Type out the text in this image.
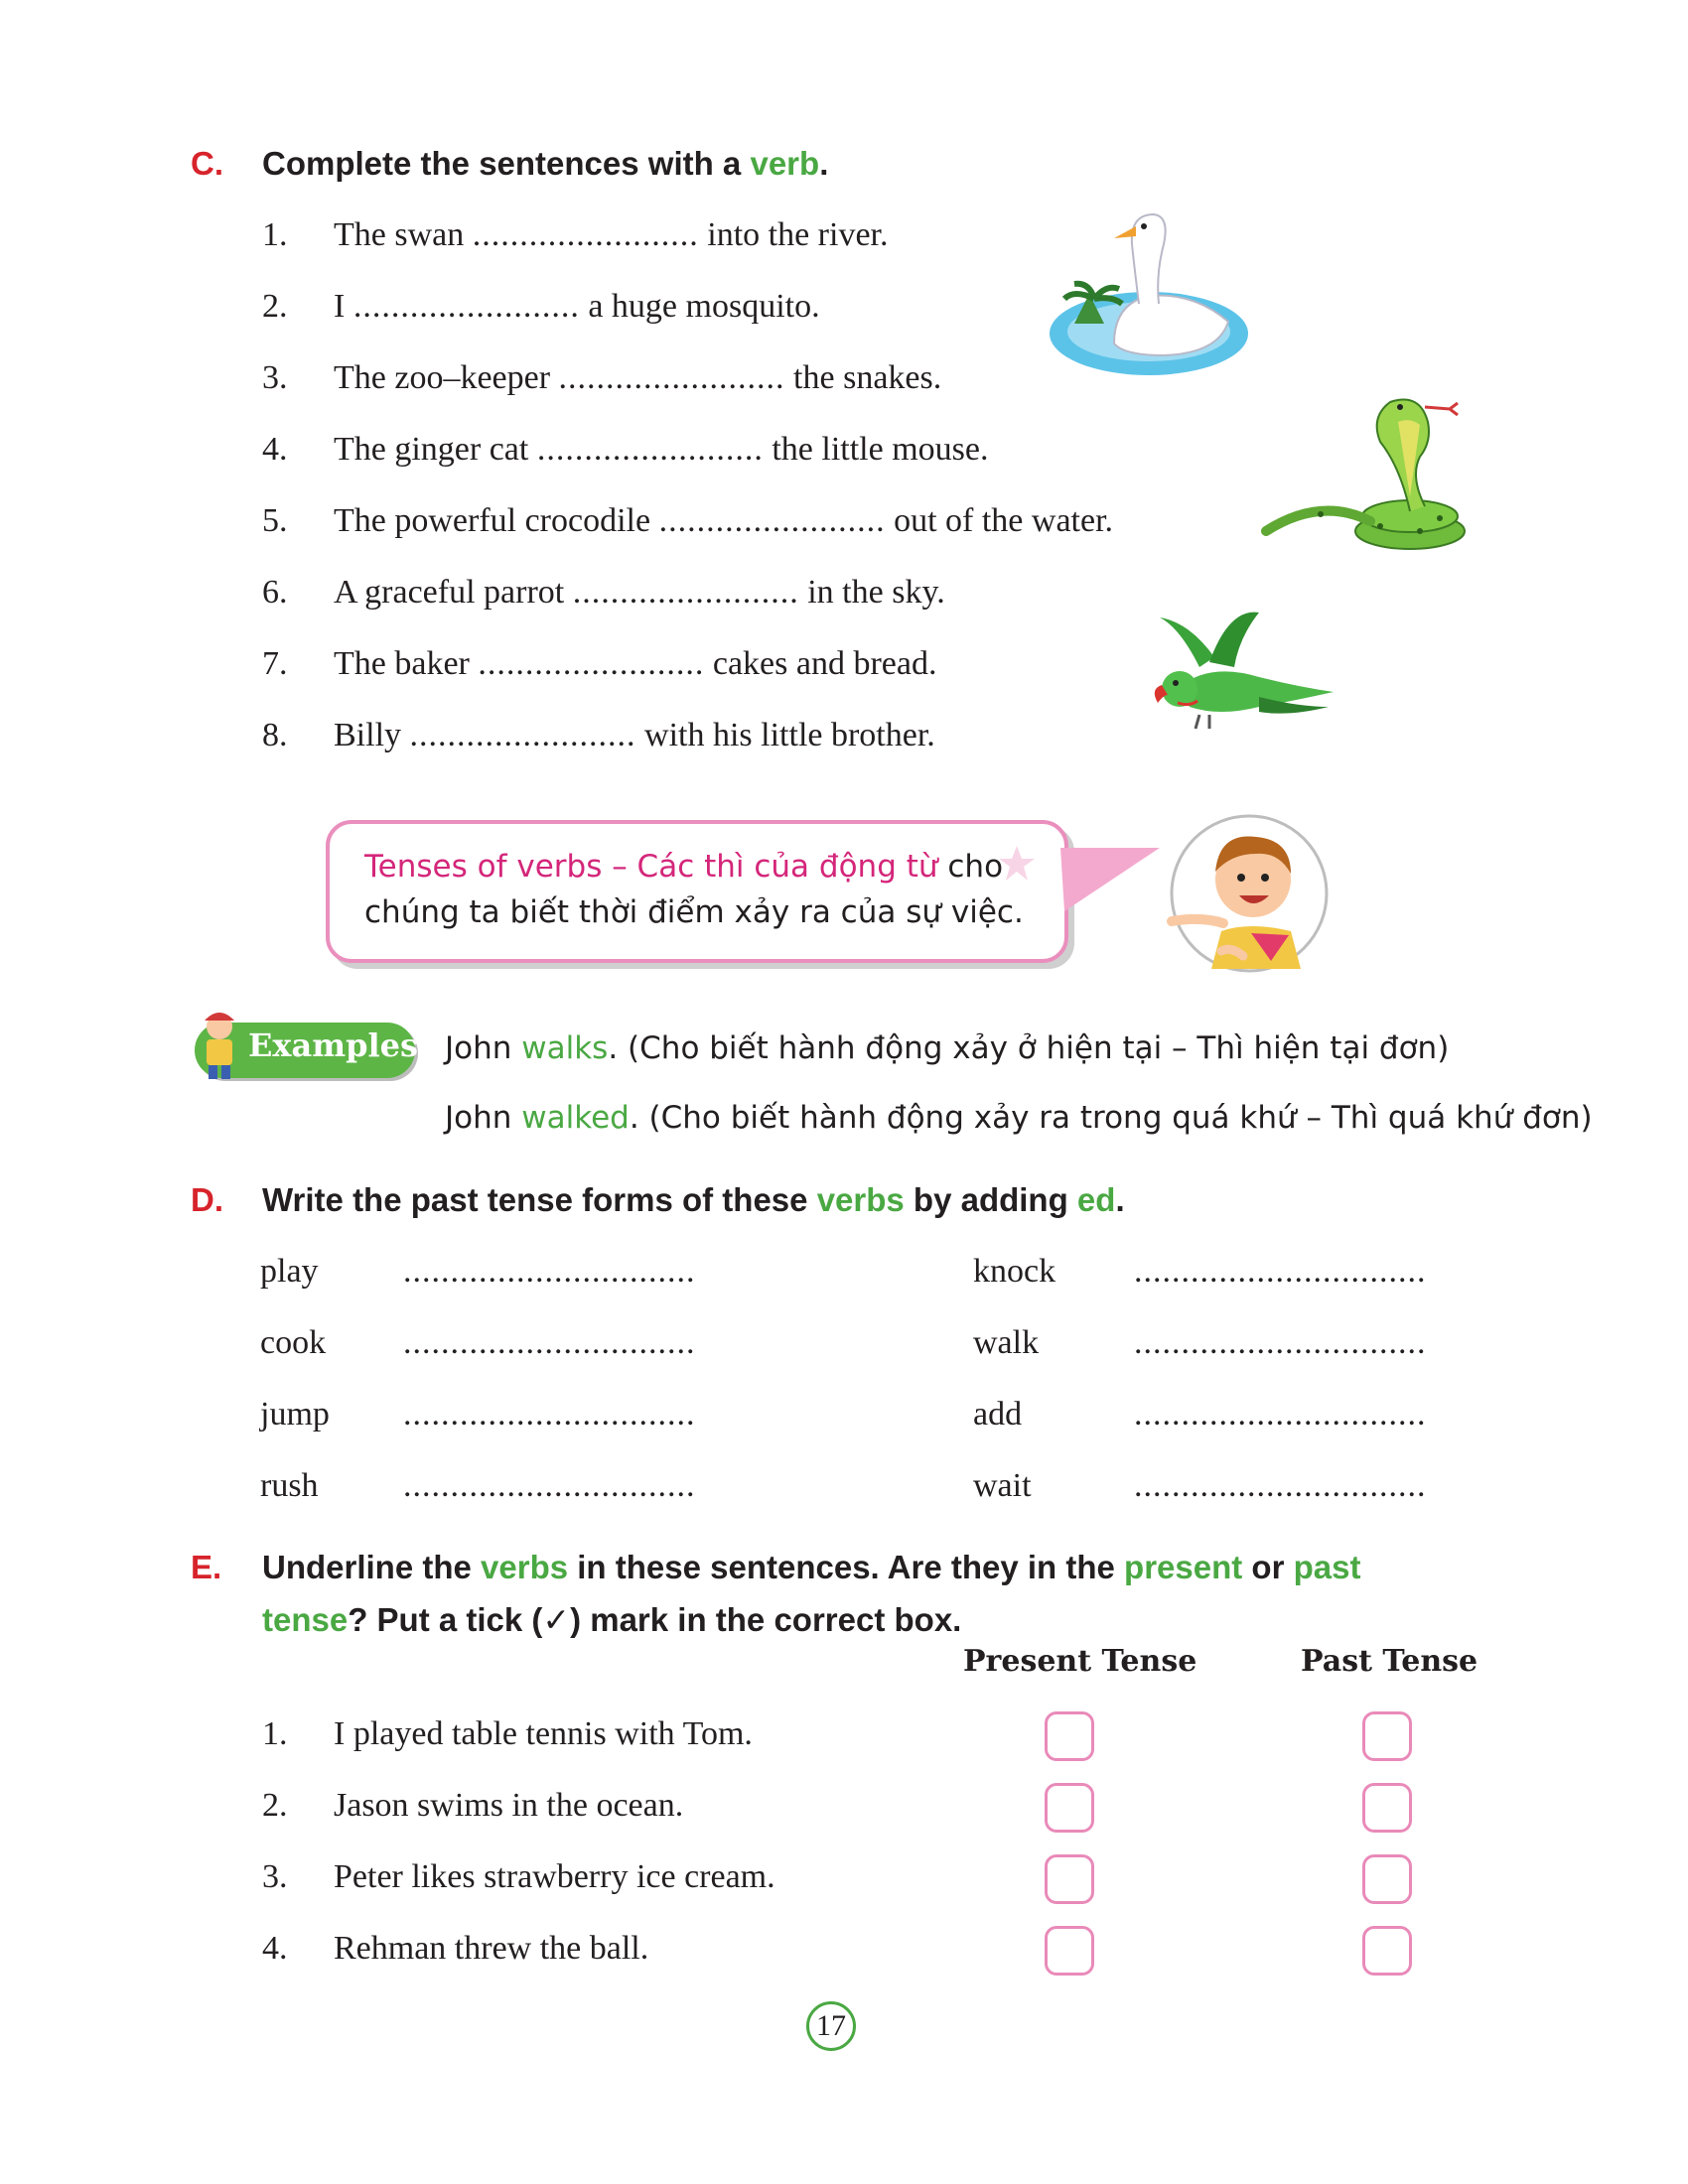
C. Complete the sentences with a verb.
1. The swan ........................ into the river.
2. I ........................ a huge mosquito.
3. The zoo–keeper ........................ the snakes.
4. The ginger cat ........................ the little mouse.
5. The powerful crocodile ........................ out of the water.
6. A graceful parrot ........................ in the sky.
7. The baker ........................ cakes and bread.
8. Billy ........................ with his little brother.
Tenses of verbs – Các thì của động từ cho
chúng ta biết thời điểm xảy ra của sự việc.
Examples John walks. (Cho biết hành động xảy ở hiện tại – Thì hiện tại đơn)
John walked. (Cho biết hành động xảy ra trong quá khứ – Thì quá khứ đơn)
D. Write the past tense forms of these verbs by adding ed.
play	...............................	knock ...............................
cook ...............................	walk	...............................
jump ...............................	add	...............................
rush	...............................	wait	...............................
E. Underline the verbs in these sentences. Are they in the present or past
tense? Put a tick (✓) mark in the correct box.
Present Tense	Past Tense
1. I played table tennis with Tom.
2. Jason swims in the ocean.
3. Peter likes strawberry ice cream.
4. Rehman threw the ball.
17
